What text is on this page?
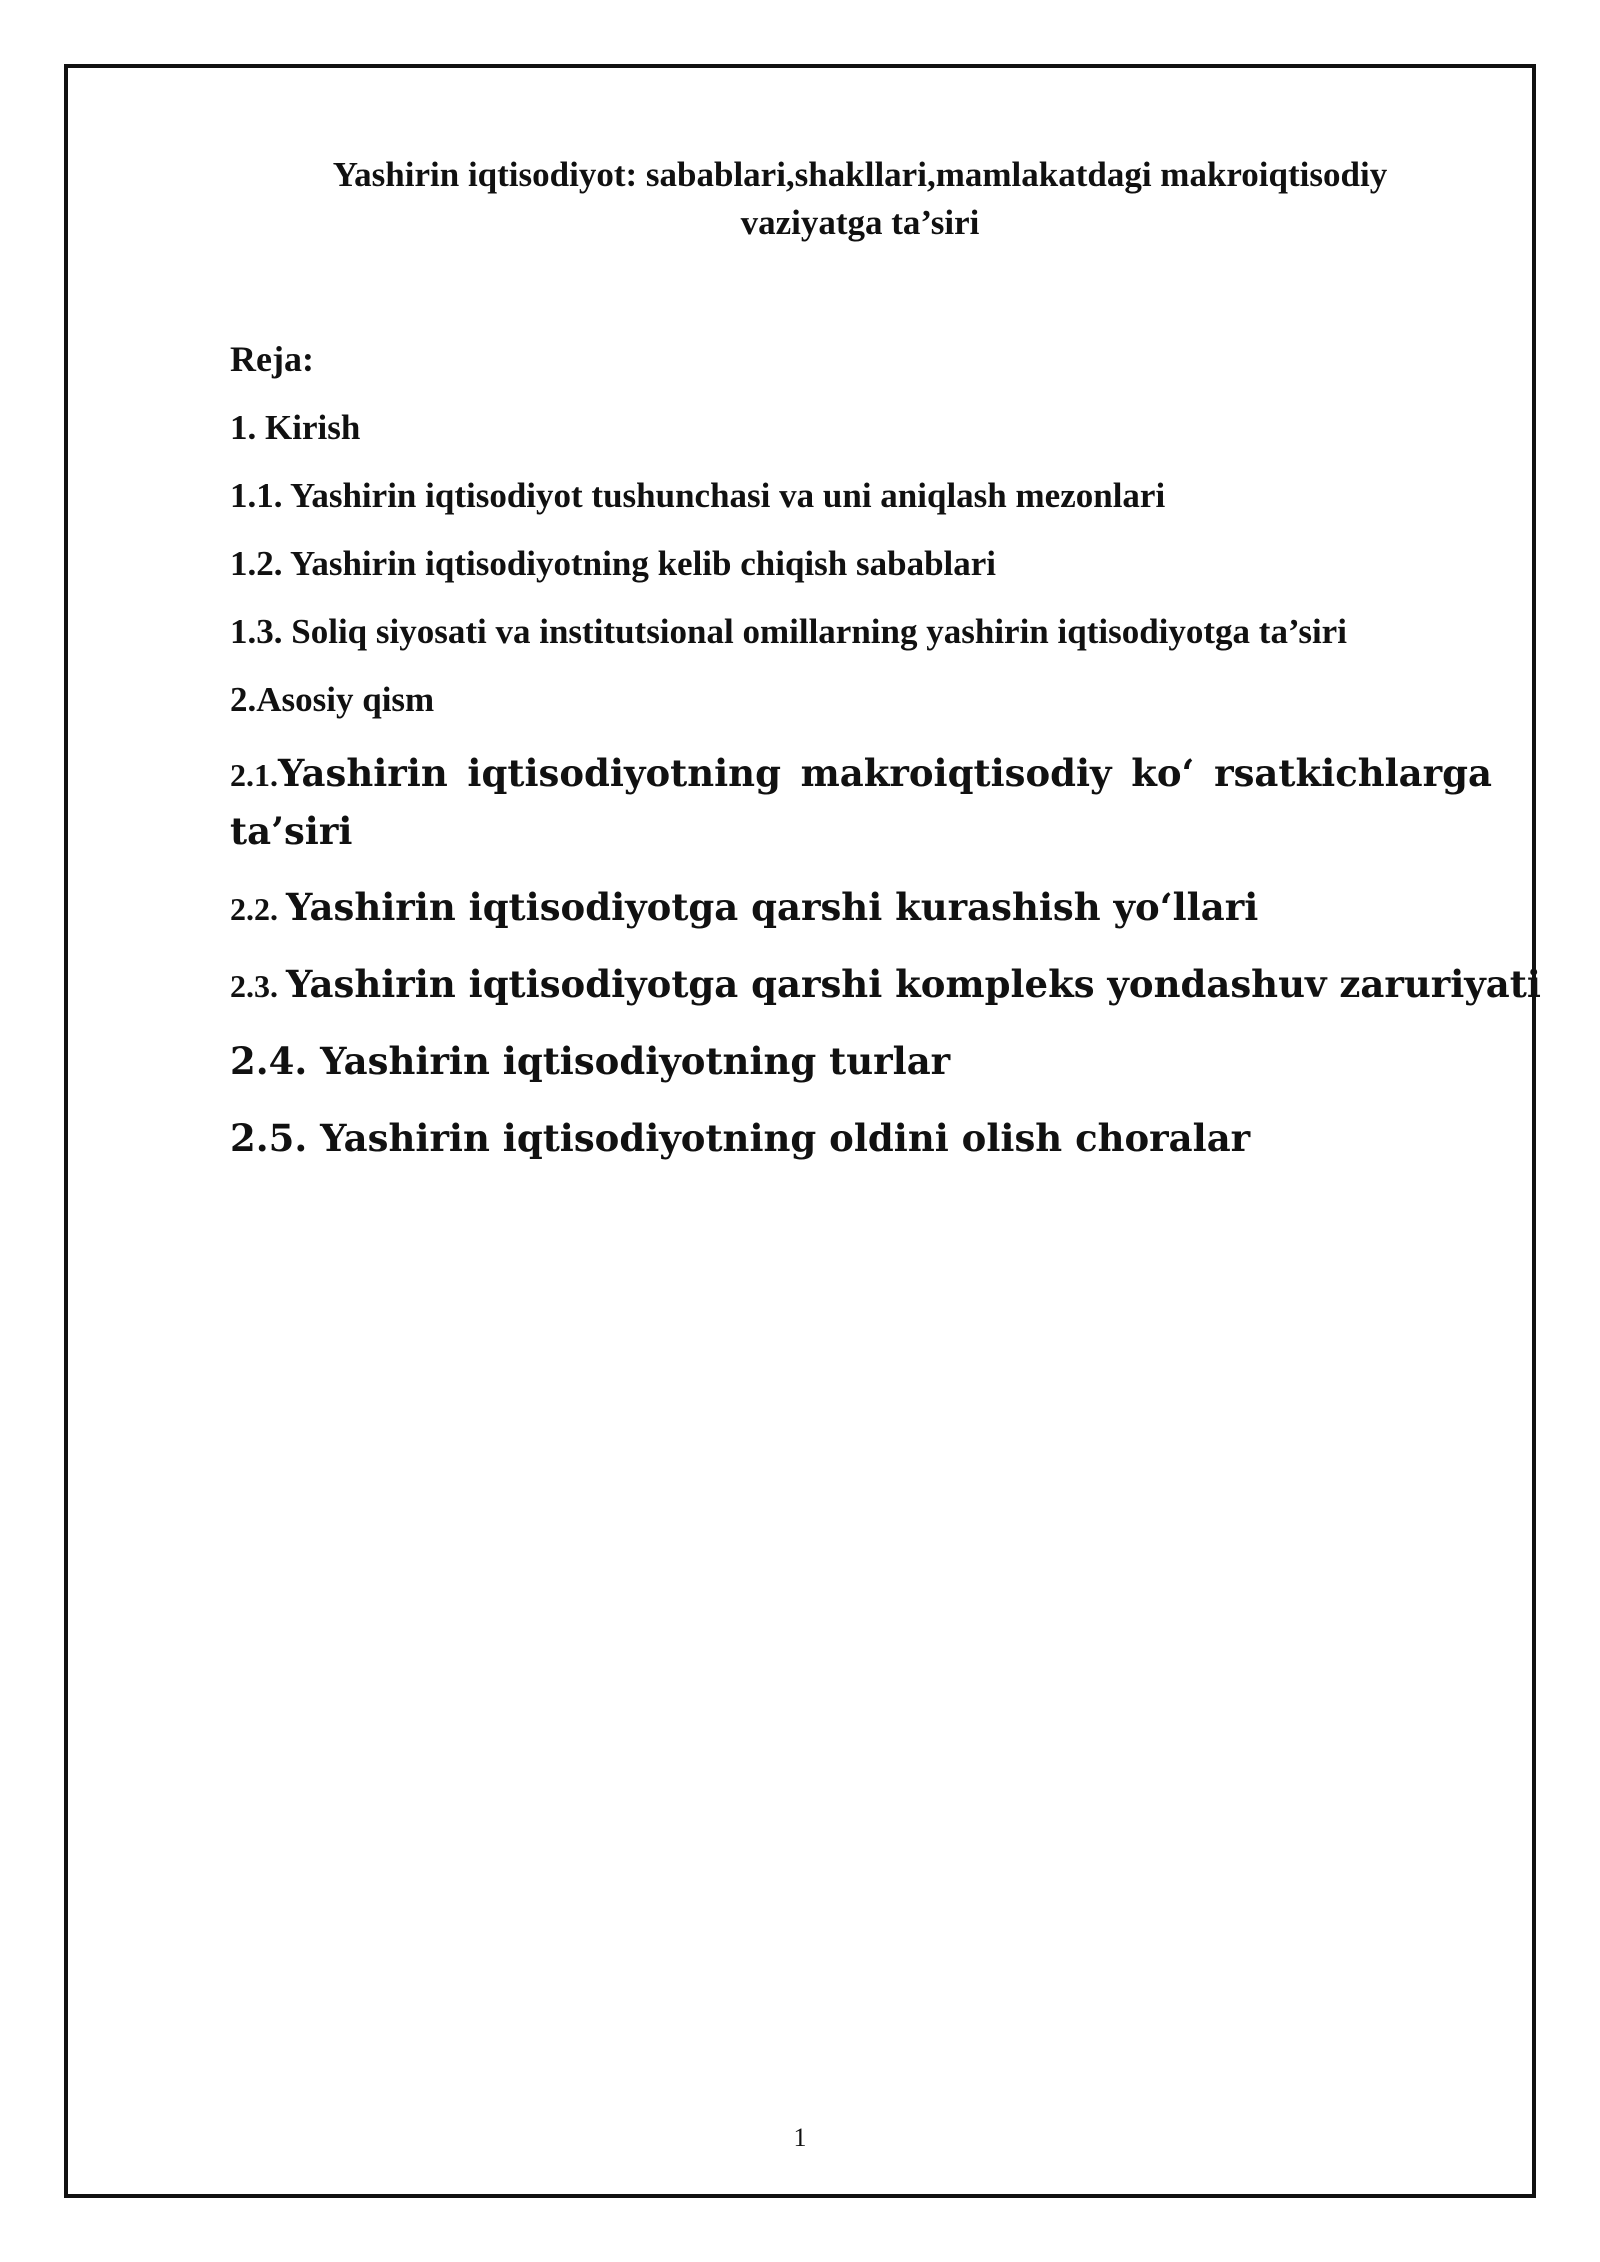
Yashirin iqtisodiyot: sabablari,shakllari,mamlakatdagi makroiqtisodiy
vaziyatga ta’siri
Reja:
1. Kirish
1.1. Yashirin iqtisodiyot tushunchasi va uni aniqlash mezonlari
1.2. Yashirin iqtisodiyotning kelib chiqish sabablari
1.3. Soliq siyosati va institutsional omillarning yashirin iqtisodiyotga ta’siri
2.Asosiy qism
2.1.Yashirin iqtisodiyotning makroiqtisodiy ko‘ rsatkichlarga ta’siri
2.2. Yashirin iqtisodiyotga qarshi kurashish yo‘llari
2.3. Yashirin iqtisodiyotga qarshi kompleks yondashuv zaruriyati
2.4. Yashirin iqtisodiyotning turlar
2.5. Yashirin iqtisodiyotning oldini olish choralar
1
